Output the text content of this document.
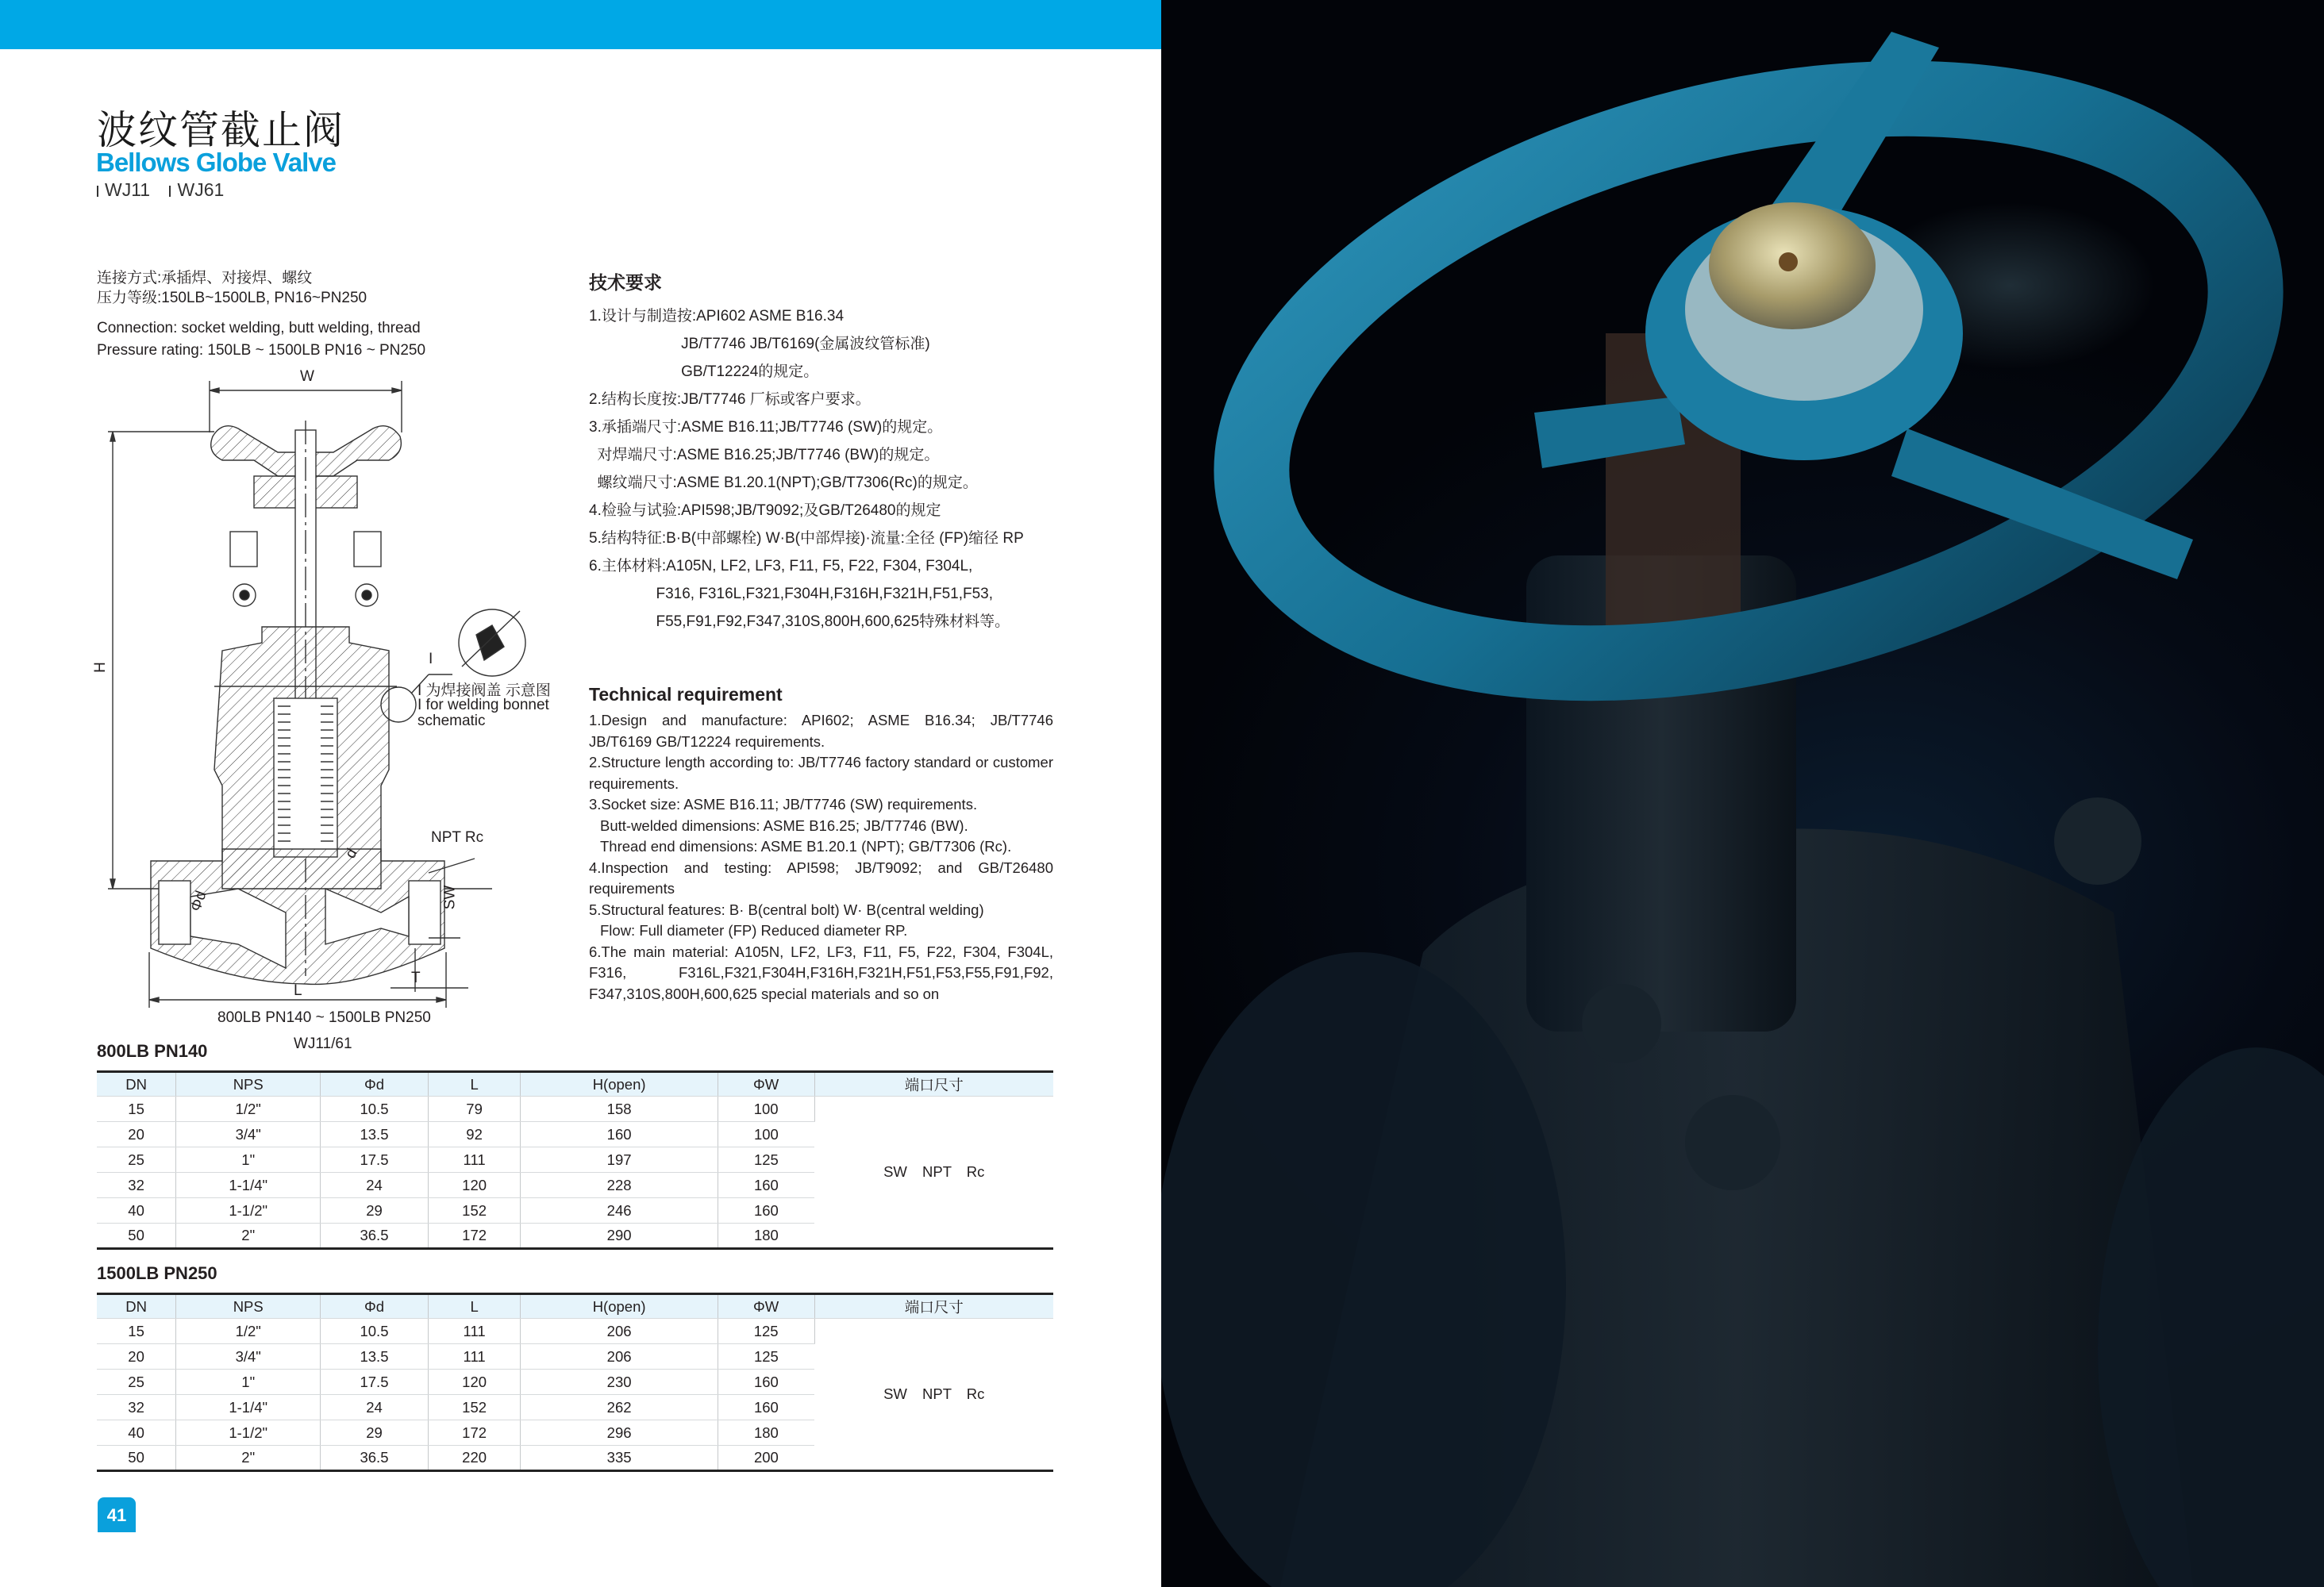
波纹管截止阀
Bellows Globe Valve
WJ11 WJ61
连接方式:承插焊、对接焊、螺纹
压力等级:150LB~1500LB, PN16~PN250
Connection: socket welding, butt welding, thread
Pressure rating: 150LB ~ 1500LB PN16 ~ PN250
W
H	I
I 为焊接阀盖 示意图
I for welding bonnet
schematic
NPT Rc
SW
Φd
d
L
T
800LB PN140 ~ 1500LB PN250
WJ11/61
技术要求

1.设计与制造按:API602 ASME B16.34

JB/T7746 JB/T6169(金属波纹管标准)

GB/T12224的规定。

2.结构长度按:JB/T7746 厂标或客户要求。

3.承插端尺寸:ASME B16.11;JB/T7746 (SW)的规定。

对焊端尺寸:ASME B16.25;JB/T7746 (BW)的规定。

螺纹端尺寸:ASME B1.20.1(NPT);GB/T7306(Rc)的规定。

4.检验与试验:API598;JB/T9092;及GB/T26480的规定

5.结构特征:B·B(中部螺栓) W·B(中部焊接)·流量:全径 (FP)缩径 RP

6.主体材料:A105N, LF2, LF3, F11, F5, F22, F304, F304L,

F316, F316L,F321,F304H,F316H,F321H,F51,F53,

F55,F91,F92,F347,310S,800H,600,625特殊材料等。

Technical requirement

1.Design and manufacture: API602; ASME B16.34; JB/T7746 JB/T6169 GB/T12224 requirements.

2.Structure length according to: JB/T7746 factory standard or customer requirements.

3.Socket size: ASME B16.11; JB/T7746 (SW) requirements.

Butt-welded dimensions: ASME B16.25; JB/T7746 (BW).

Thread end dimensions: ASME B1.20.1 (NPT); GB/T7306 (Rc).

4.Inspection and testing: API598; JB/T9092; and GB/T26480 requirements

5.Structural features: B· B(central bolt) W· B(central welding)

Flow: Full diameter (FP) Reduced diameter RP.

6.The main material: A105N, LF2, LF3, F11, F5, F22, F304, F304L, F316, F316L,F321,F304H,F316H,F321H,F51,F53,F55,F91,F92, F347,310S,800H,600,625 special materials and so on

800LB PN140
DN	NPS	Φd	L	H(open)	ΦW	端口尺寸
15	1/2"	10.5	79	158	100	SW NPT Rc
20	3/4"	13.5	92	160	100	
25	1"	17.5	111	197	125	
32	1-1/4"	24	120	228	160	
40	1-1/2"	29	152	246	160	
50	2"	36.5	172	290	180	
1500LB PN250
DN	NPS	Φd	L	H(open)	ΦW	端口尺寸
15	1/2"	10.5	111	206	125	SW NPT Rc
20	3/4"	13.5	111	206	125	
25	1"	17.5	120	230	160	
32	1-1/4"	24	152	262	160	
40	1-1/2"	29	172	296	180	
50	2"	36.5	220	335	200	
41
